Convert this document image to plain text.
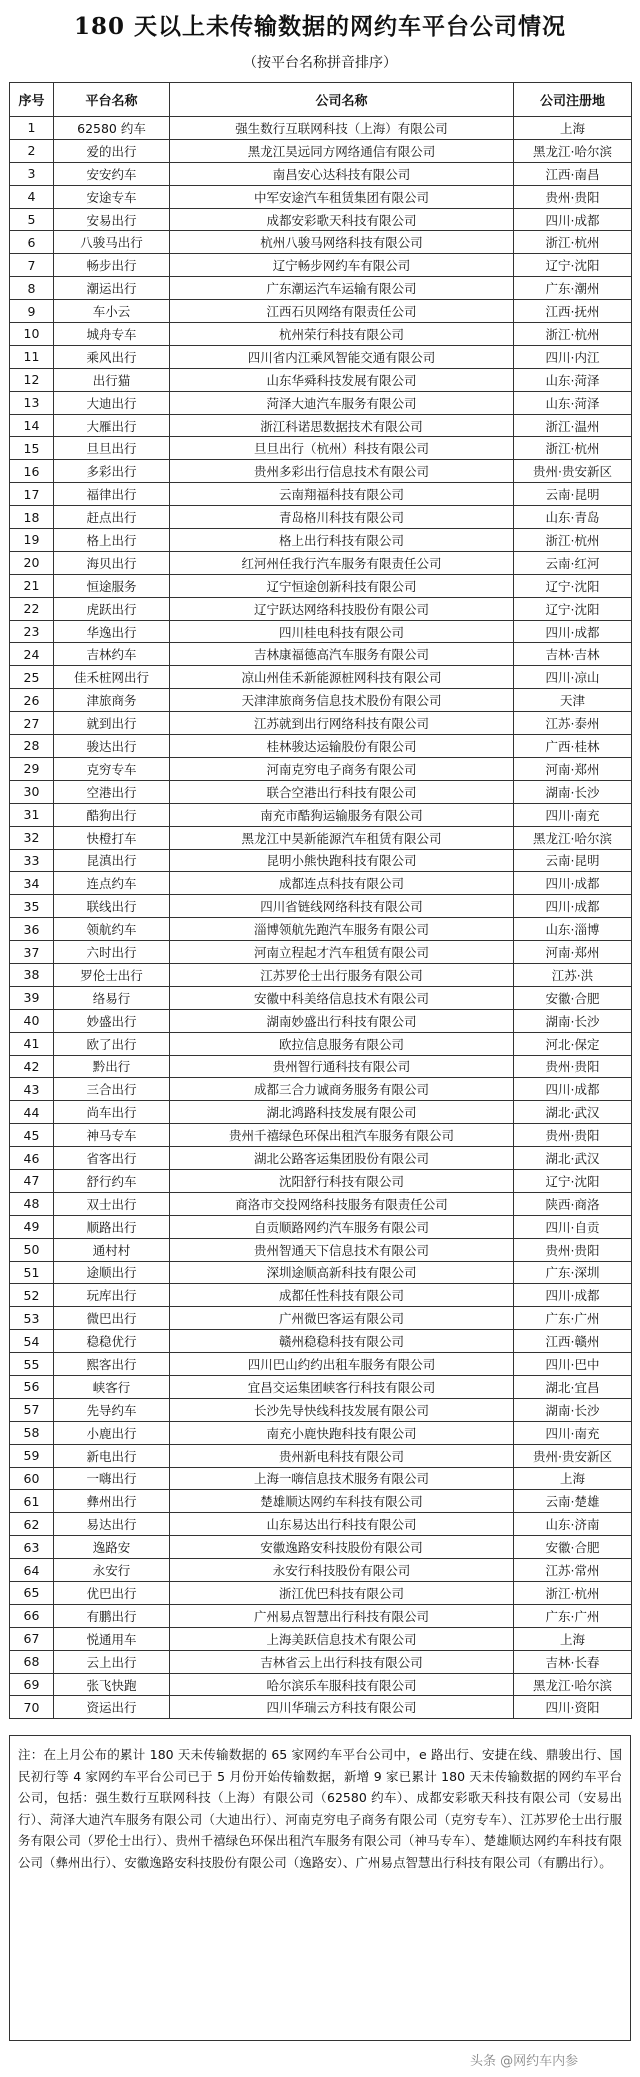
180 天以上未传输数据的网约车平台公司情况
（按平台名称拼音排序）
序号	平台名称	公司名称	公司注册地
1	62580 约车	强生数行互联网科技（上海）有限公司	上海
2	爱的出行	黑龙江昊远同方网络通信有限公司	黑龙江·哈尔滨
3	安安约车	南昌安心达科技有限公司	江西·南昌
4	安途专车	中军安途汽车租赁集团有限公司	贵州·贵阳
5	安易出行	成都安彩歌天科技有限公司	四川·成都
6	八骏马出行	杭州八骏马网络科技有限公司	浙江·杭州
7	畅步出行	辽宁畅步网约车有限公司	辽宁·沈阳
8	潮运出行	广东潮运汽车运输有限公司	广东·潮州
9	车小云	江西石贝网络有限责任公司	江西·抚州
10	城舟专车	杭州荣行科技有限公司	浙江·杭州
11	乘风出行	四川省内江乘风智能交通有限公司	四川·内江
12	出行猫	山东华舜科技发展有限公司	山东·菏泽
13	大迪出行	菏泽大迪汽车服务有限公司	山东·菏泽
14	大雁出行	浙江科诺思数据技术有限公司	浙江·温州
15	旦旦出行	旦旦出行（杭州）科技有限公司	浙江·杭州
16	多彩出行	贵州多彩出行信息技术有限公司	贵州·贵安新区
17	福律出行	云南翔福科技有限公司	云南·昆明
18	赶点出行	青岛格川科技有限公司	山东·青岛
19	格上出行	格上出行科技有限公司	浙江·杭州
20	海贝出行	红河州任我行汽车服务有限责任公司	云南·红河
21	恒途服务	辽宁恒途创新科技有限公司	辽宁·沈阳
22	虎跃出行	辽宁跃达网络科技股份有限公司	辽宁·沈阳
23	华逸出行	四川桂电科技有限公司	四川·成都
24	吉林约车	吉林康福德高汽车服务有限公司	吉林·吉林
25	佳禾桩网出行	凉山州佳禾新能源桩网科技有限公司	四川·凉山
26	津旅商务	天津津旅商务信息技术股份有限公司	天津
27	就到出行	江苏就到出行网络科技有限公司	江苏·泰州
28	骏达出行	桂林骏达运输股份有限公司	广西·桂林
29	克穷专车	河南克穷电子商务有限公司	河南·郑州
30	空港出行	联合空港出行科技有限公司	湖南·长沙
31	酷狗出行	南充市酷狗运输服务有限公司	四川·南充
32	快橙打车	黑龙江中昊新能源汽车租赁有限公司	黑龙江·哈尔滨
33	昆滇出行	昆明小熊快跑科技有限公司	云南·昆明
34	连点约车	成都连点科技有限公司	四川·成都
35	联线出行	四川省链线网络科技有限公司	四川·成都
36	领航约车	淄博领航先跑汽车服务有限公司	山东·淄博
37	六时出行	河南立程起才汽车租赁有限公司	河南·郑州
38	罗伦士出行	江苏罗伦士出行服务有限公司	江苏·洪
39	络易行	安徽中科美络信息技术有限公司	安徽·合肥
40	妙盛出行	湖南妙盛出行科技有限公司	湖南·长沙
41	欧了出行	欧拉信息服务有限公司	河北·保定
42	黔出行	贵州智行通科技有限公司	贵州·贵阳
43	三合出行	成都三合力诚商务服务有限公司	四川·成都
44	尚车出行	湖北鸿路科技发展有限公司	湖北·武汉
45	神马专车	贵州千禧绿色环保出租汽车服务有限公司	贵州·贵阳
46	省客出行	湖北公路客运集团股份有限公司	湖北·武汉
47	舒行约车	沈阳舒行科技有限公司	辽宁·沈阳
48	双士出行	商洛市交投网络科技服务有限责任公司	陕西·商洛
49	顺路出行	自贡顺路网约汽车服务有限公司	四川·自贡
50	通村村	贵州智通天下信息技术有限公司	贵州·贵阳
51	途顺出行	深圳途顺高新科技有限公司	广东·深圳
52	玩库出行	成都任性科技有限公司	四川·成都
53	微巴出行	广州微巴客运有限公司	广东·广州
54	稳稳优行	赣州稳稳科技有限公司	江西·赣州
55	熙客出行	四川巴山约约出租车服务有限公司	四川·巴中
56	峡客行	宜昌交运集团峡客行科技有限公司	湖北·宜昌
57	先导约车	长沙先导快线科技发展有限公司	湖南·长沙
58	小鹿出行	南充小鹿快跑科技有限公司	四川·南充
59	新电出行	贵州新电科技有限公司	贵州·贵安新区
60	一嗨出行	上海一嗨信息技术服务有限公司	上海
61	彝州出行	楚雄顺达网约车科技有限公司	云南·楚雄
62	易达出行	山东易达出行科技有限公司	山东·济南
63	逸路安	安徽逸路安科技股份有限公司	安徽·合肥
64	永安行	永安行科技股份有限公司	江苏·常州
65	优巴出行	浙江优巴科技有限公司	浙江·杭州
66	有鹏出行	广州易点智慧出行科技有限公司	广东·广州
67	悦通用车	上海美跃信息技术有限公司	上海
68	云上出行	吉林省云上出行科技有限公司	吉林·长春
69	张飞快跑	哈尔滨乐车服科技有限公司	黑龙江·哈尔滨
70	资运出行	四川华瑞云方科技有限公司	四川·资阳
注：在上月公布的累计 180 天未传输数据的 65 家网约车平台公司中，e 路出行、安捷在线、鼎骏出行、国民初行等 4 家网约车平台公司已于 5 月份开始传输数据，新增 9 家已累计 180 天未传输数据的网约车平台公司，包括：强生数行互联网科技（上海）有限公司（62580 约车）、成都安彩歌天科技有限公司（安易出行）、菏泽大迪汽车服务有限公司（大迪出行）、河南克穷电子商务有限公司（克穷专车）、江苏罗伦士出行服务有限公司（罗伦士出行）、贵州千禧绿色环保出租汽车服务有限公司（神马专车）、楚雄顺达网约车科技有限公司（彝州出行）、安徽逸路安科技股份有限公司（逸路安）、广州易点智慧出行科技有限公司（有鹏出行）。
头条 @网约车内参
